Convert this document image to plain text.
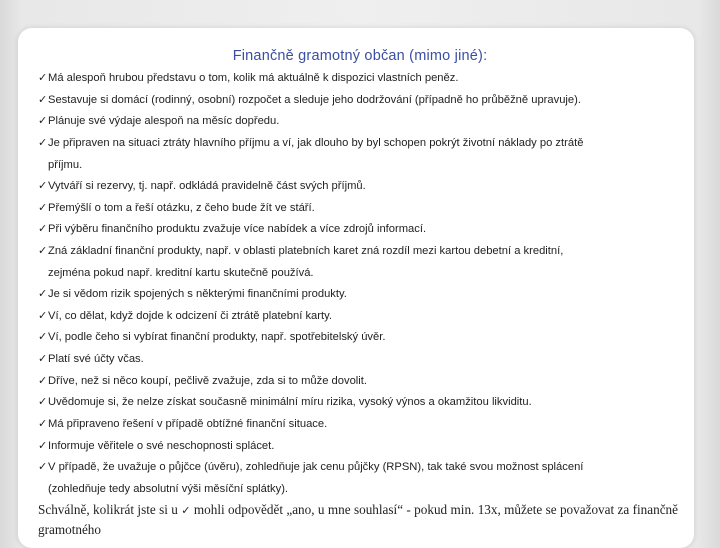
Finančně gramotný občan (mimo jiné):
✓Má alespoň hrubou představu o tom, kolik má aktuálně k dispozici vlastních peněz.
✓Sestavuje si domácí (rodinný, osobní) rozpočet a sleduje jeho dodržování (případně ho průběžně upravuje).
✓Plánuje své výdaje alespoň na měsíc dopředu.
✓Je připraven na situaci ztráty hlavního příjmu a ví, jak dlouho by byl schopen pokrýt životní náklady po ztrátě
příjmu.
✓Vytváří si rezervy, tj. např. odkládá pravidelně část svých příjmů.
✓Přemýšlí o tom a řeší otázku, z čeho bude žít ve stáří.
✓Při výběru finančního produktu zvažuje více nabídek a více zdrojů informací.
✓Zná základní finanční produkty, např. v oblasti platebních karet zná rozdíl mezi kartou debetní a kreditní,
zejména pokud např. kreditní kartu skutečně používá.
✓Je si vědom rizik spojených s některými finančními produkty.
✓Ví, co dělat, když dojde k odcizení či ztrátě platební karty.
✓Ví, podle čeho si vybírat finanční produkty, např. spotřebitelský úvěr.
✓Platí své účty včas.
✓Dříve, než si něco koupí, pečlivě zvažuje, zda si to může dovolit.
✓Uvědomuje si, že nelze získat současně minimální míru rizika, vysoký výnos a okamžitou likviditu.
✓Má připraveno řešení v případě obtížné finanční situace.
✓Informuje věřitele o své neschopnosti splácet.
✓V případě, že uvažuje o půjčce (úvěru), zohledňuje jak cenu půjčky (RPSN), tak také svou možnost splácení
(zohledňuje tedy absolutní výši měsíční splátky).
Schválně, kolikrát jste si u ✓ mohli odpovědět „ano, u mne souhlasí“ - pokud min. 13x, můžete se považovat za finančně gramotného
